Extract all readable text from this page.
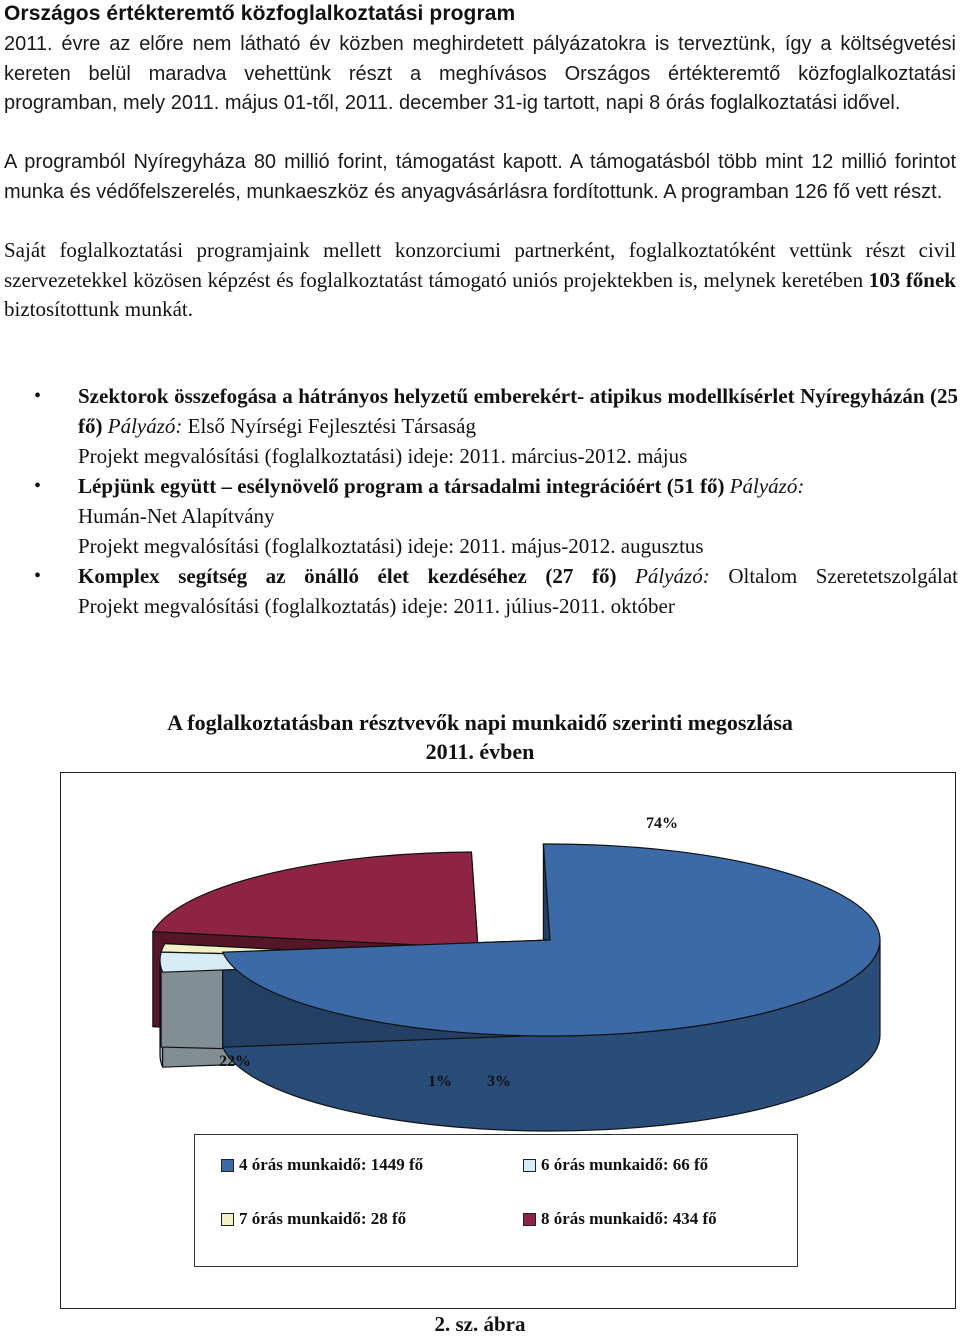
Országos értékteremtő közfoglalkoztatási program

2011. évre az előre nem látható év közben meghirdetett pályázatokra is terveztünk, így a költségvetési kereten belül maradva vehettünk részt a meghívásos Országos értékteremtő közfoglalkoztatási programban, mely 2011. május 01-től, 2011. december 31-ig tartott, napi 8 órás foglalkoztatási idővel.

A programból Nyíregyháza 80 millió forint, támogatást kapott. A támogatásból több mint 12 millió forintot munka és védőfelszerelés, munkaeszköz és anyagvásárlásra fordítottunk. A programban 126 fő vett részt.

Saját foglalkoztatási programjaink mellett konzorciumi partnerként, foglalkoztatóként vettünk részt civil szervezetekkel közösen képzést és foglalkoztatást támogató uniós projektekben is, melynek keretében 103 főnek biztosítottunk munkát.

• Szektorok összefogása a hátrányos helyzetű emberekért- atipikus modellkísérlet Nyíregyházán (25 fő) Pályázó: Első Nyírségi Fejlesztési Társaság
Projekt megvalósítási (foglalkoztatási) ideje: 2011. március-2012. május
• Lépjünk együtt – esélynövelő program a társadalmi integrációért (51 fő) Pályázó:
Humán-Net Alapítvány
Projekt megvalósítási (foglalkoztatási) ideje: 2011. május-2012. augusztus
• Komplex segítség az önálló élet kezdéséhez (27 fő) Pályázó: Oltalom Szeretetszolgálat
Projekt megvalósítási (foglalkoztatás) ideje: 2011. július-2011. október
A foglalkoztatásban résztvevők napi munkaidő szerinti megoszlása
2011. évben
74%
22%
1% 3%
4 órás munkaidő: 1449 fő	6 órás munkaidő: 66 fő
7 órás munkaidő: 28 fő	8 órás munkaidő: 434 fő
2. sz. ábra
